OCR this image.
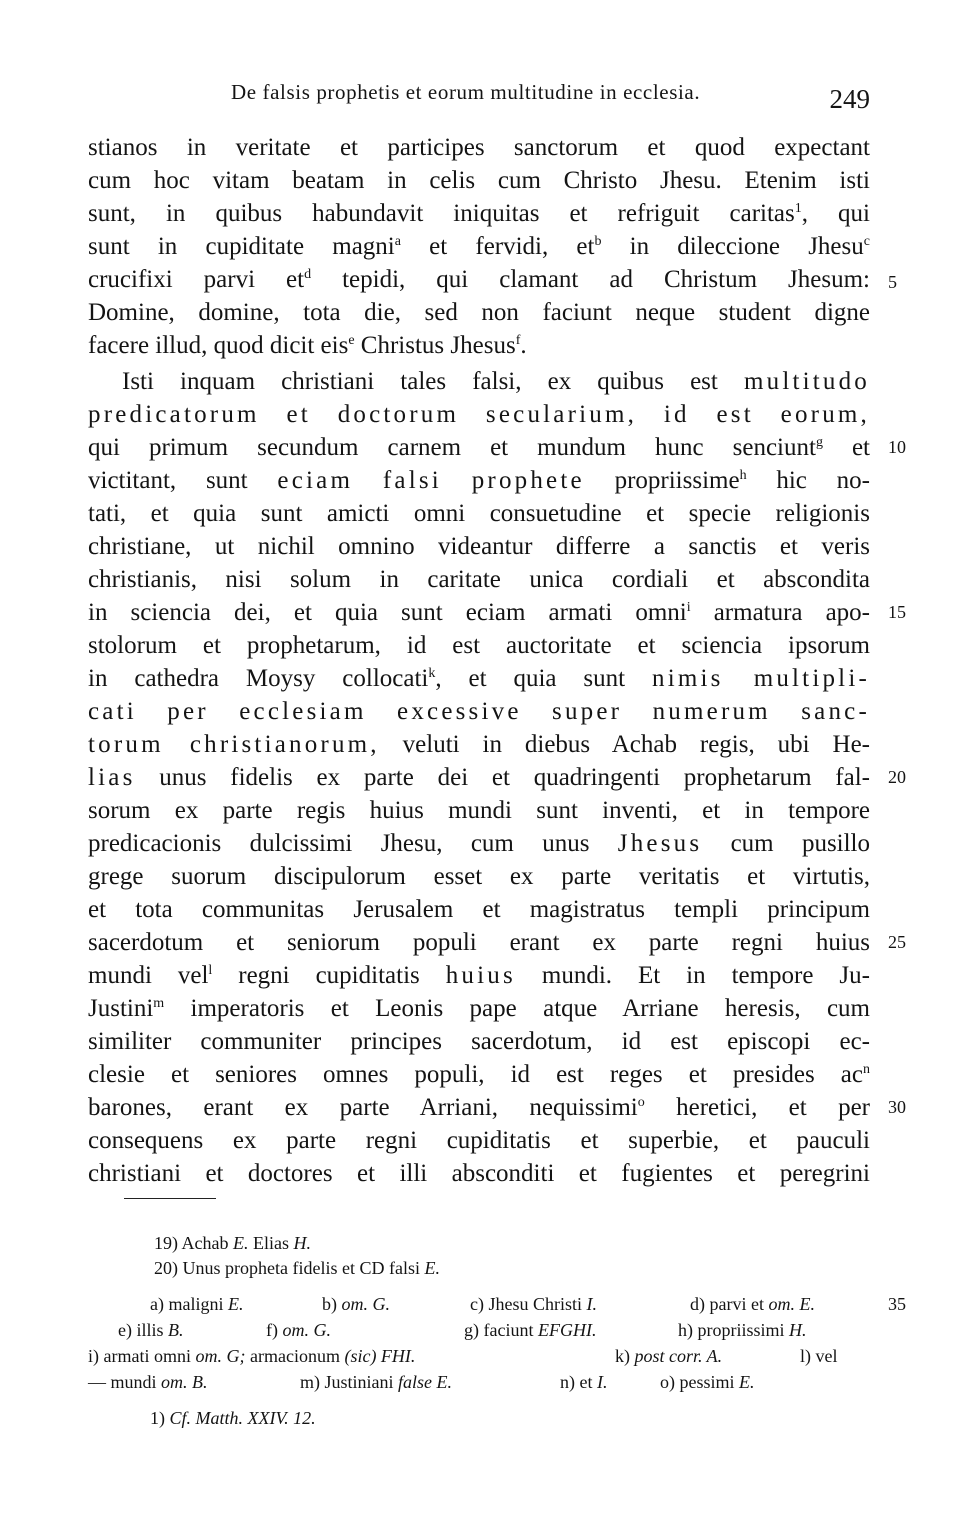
De falsis prophetis et eorum multitudine in ecclesia.	249
stianos in veritate et participes sanctorum et quod expectant
cum hoc vitam beatam in celis cum Christo Jhesu. Etenim isti
sunt, in quibus habundavit iniquitas et refriguit caritas$^1$, qui
sunt in cupiditate magni$^a$ et fervidi, $et^b$ in dileccione Jhesu$^c$
crucifixi parvi $et^d$ tepidi, qui clamant ad Christum Jhesum:
Domine, domine, tota die, sed non faciunt neque student digne
facere illud, quod dicit eis$^e$ Christus Jhesus$^f$.
Isti inquam christiani tales falsi, ex quibus est multitudo
predicatorum et doctorum secularium, id est eorum,
qui primum secundum carnem et mundum hunc senciunt$^g$ et
victitant, sunt eciam falsi prophete propriissime$^h$ hic no-
tati, et quia sunt amicti omni consuetudine et specie religionis
christiane, ut nichil omnino videantur differre a sanctis et veris
christianis, nisi solum in caritate unica cordiali et abscondita
in sciencia dei, et quia sunt eciam armati omni$^i$ armatura apo-
stolorum et prophetarum, id est auctoritate et sciencia ipsorum
in cathedra Moysy collocati$^k$, et quia sunt nimis multipli-
cati per ecclesiam excessive super numerum sanc-
torum christianorum, veluti in diebus Achab regis, ubi He-
lias unus fidelis ex parte dei et quadringenti prophetarum fal-
sorum ex parte regis huius mundi sunt inventi, et in tempore
predicacionis dulcissimi Jhesu, cum unus Jhesus cum pusillo
grege suorum discipulorum esset ex parte veritatis et virtutis,
et tota communitas Jerusalem et magistratus templi principum
sacerdotum et seniorum populi erant ex parte regni huius
mundi vel$^l$ regni cupiditatis huius mundi. Et in tempore Ju-
Justini$^m$ imperatoris et Leonis pape atque Arriane heresis, cum
similiter communiter principes sacerdotum, id est episcopi ec-
clesie et seniores omnes populi, id est reges et presides $ac^n$
barones, erant ex parte Arriani, nequissimi$^o$ heretici, et per
consequens ex parte regni cupiditatis et superbie, et pauculi
christiani et doctores et illi absconditi et fugientes et peregrini
5
10
15
20
25
30
19) Achab E. Elias H.
20) Unus propheta fidelis et CD falsi E.
a) maligni E.	b) om. G.	c) Jhesu Christi I.	d) parvi et om. E.	35
e) illis B.	f) om. G.	g) faciunt EFGHI.	h) propriissimi H.
i) armati omni om. G; armacionum (sic) FHI.	k) post corr. A.	l) vel
— mundi om. B.	m) Justiniani false E.	n) et I.	o) pessimi E.
1) Cf. Matth. XXIV. 12.
